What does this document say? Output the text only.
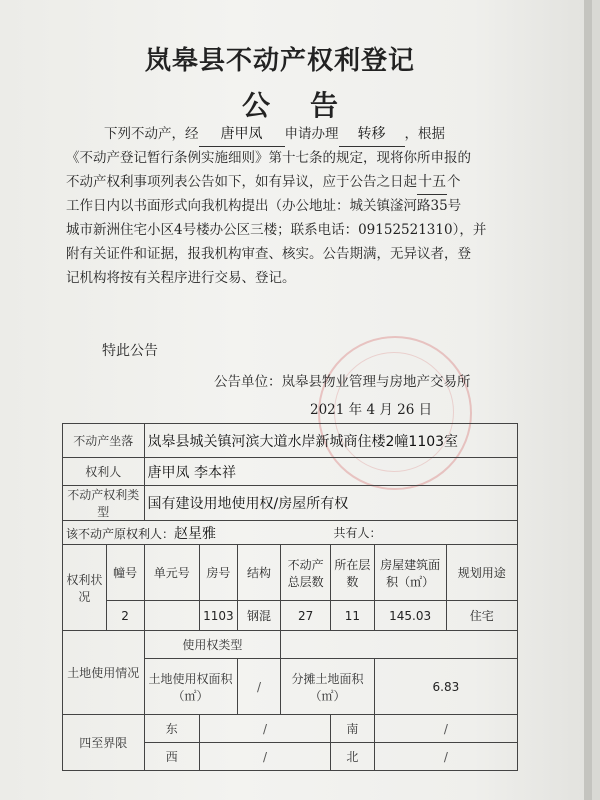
岚皋县不动产权利登记
公告
下列不动产，经 唐甲凤 申请办理 转移 ，根据
《不动产登记暂行条例实施细则》第十七条的规定，现将你所申报的
不动产权利事项列表公告如下，如有异议，应于公告之日起十五个
工作日内以书面形式向我机构提出（办公地址：城关镇滏河路35号
城市新洲住宅小区4号楼办公区三楼；联系电话：09152521310），并
附有关证件和证据，报我机构审查、核实。公告期满，无异议者，登
记机构将按有关程序进行交易、登记。
特此公告
公告单位：岚皋县物业管理与房地产交易所
2021 年 4 月 26 日
不动产坐落		岚皋县城关镇河滨大道水岸新城商住楼2幢1103室						
权利人		唐甲凤 李本祥						
不动产权利类型		国有建设用地使用权/房屋所有权						
该不动产原权利人：赵星雅						共有人：		
权利状况	幢号	单元号	房号	结构	不动产总层数	所在层数	房屋建筑面积（㎡）	规划用途
	2		1103	钢混	27	11	145.03	住宅
土地使用情况		使用权类型						
		土地使用权面积（㎡）		/	分摊土地面积（㎡）		6.83	
四至界限		东	/			南	/	
		西	/			北	/	
